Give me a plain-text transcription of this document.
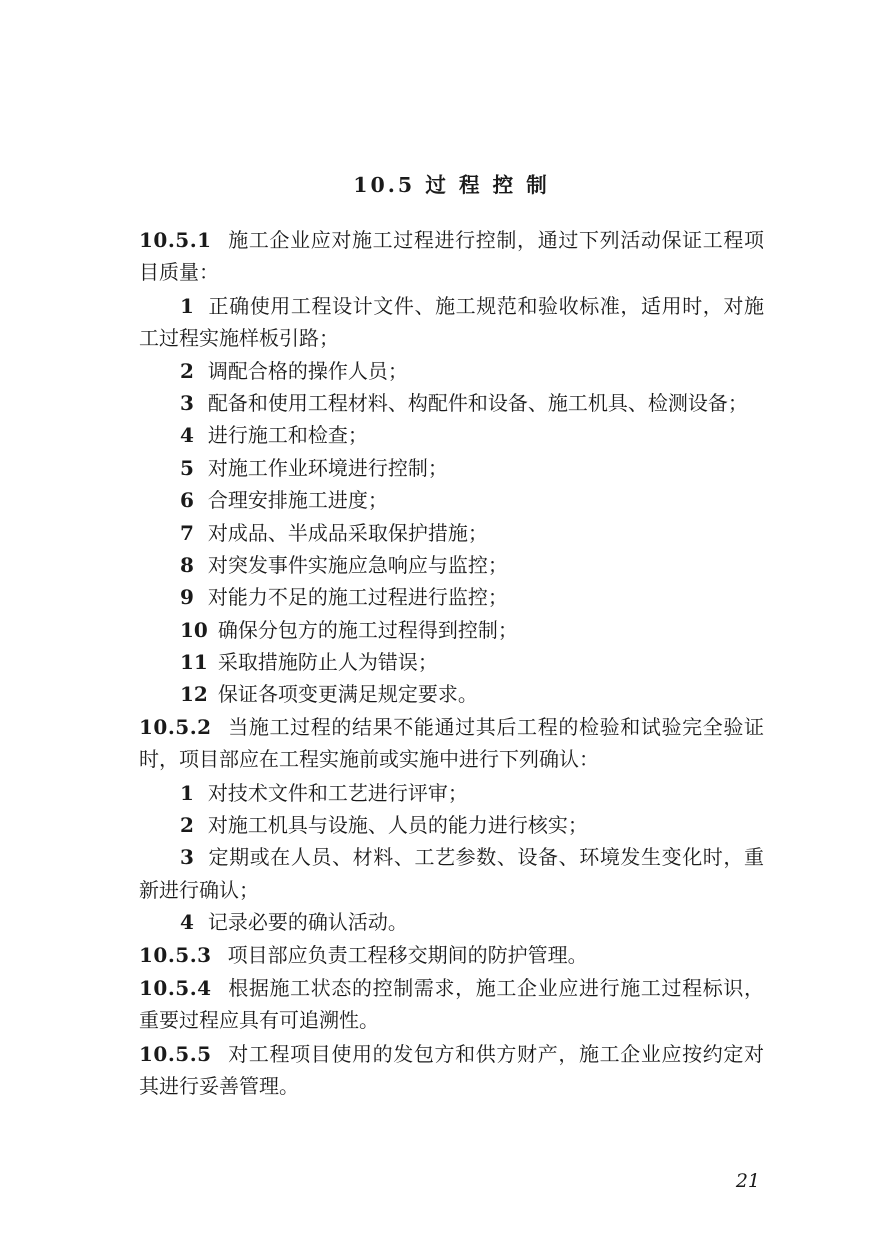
10.5 过 程 控 制

10.5.1 施工企业应对施工过程进行控制，通过下列活动保证工程项目质量：

1 正确使用工程设计文件、施工规范和验收标准，适用时，对施工过程实施样板引路；

2 调配合格的操作人员；

3 配备和使用工程材料、构配件和设备、施工机具、检测设备；

4 进行施工和检查；

5 对施工作业环境进行控制；

6 合理安排施工进度；

7 对成品、半成品采取保护措施；

8 对突发事件实施应急响应与监控；

9 对能力不足的施工过程进行监控；

10 确保分包方的施工过程得到控制；

11 采取措施防止人为错误；

12 保证各项变更满足规定要求。

10.5.2 当施工过程的结果不能通过其后工程的检验和试验完全验证时，项目部应在工程实施前或实施中进行下列确认：

1 对技术文件和工艺进行评审；

2 对施工机具与设施、人员的能力进行核实；

3 定期或在人员、材料、工艺参数、设备、环境发生变化时，重新进行确认；

4 记录必要的确认活动。

10.5.3 项目部应负责工程移交期间的防护管理。

10.5.4 根据施工状态的控制需求，施工企业应进行施工过程标识，重要过程应具有可追溯性。

10.5.5 对工程项目使用的发包方和供方财产，施工企业应按约定对其进行妥善管理。

21
